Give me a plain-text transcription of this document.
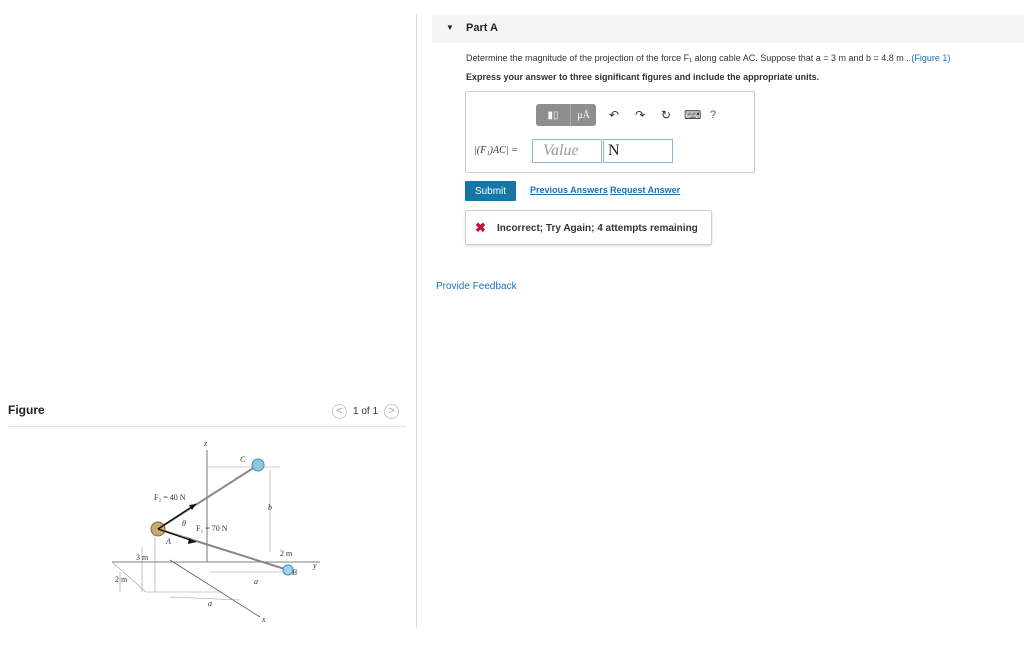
Figure	<	1 of 1 >
z
C
F₂ = 40 N
θ
F₁ = 70 N
A
b
3 m
2 m
2 m
B
y
a
a
x
▼ Part A
Determine the magnitude of the projection of the force F₁ along cable AC. Suppose that a = 3 m and b = 4.8 m . (Figure 1)
Express your answer to three significant figures and include the appropriate units.
▮▯	μÅ	↶ ↷ ↻ ⌨ ?
|(F₁)AC| =	Value	N
Submit	Previous Answers Request Answer
✖ Incorrect; Try Again; 4 attempts remaining
Provide Feedback
